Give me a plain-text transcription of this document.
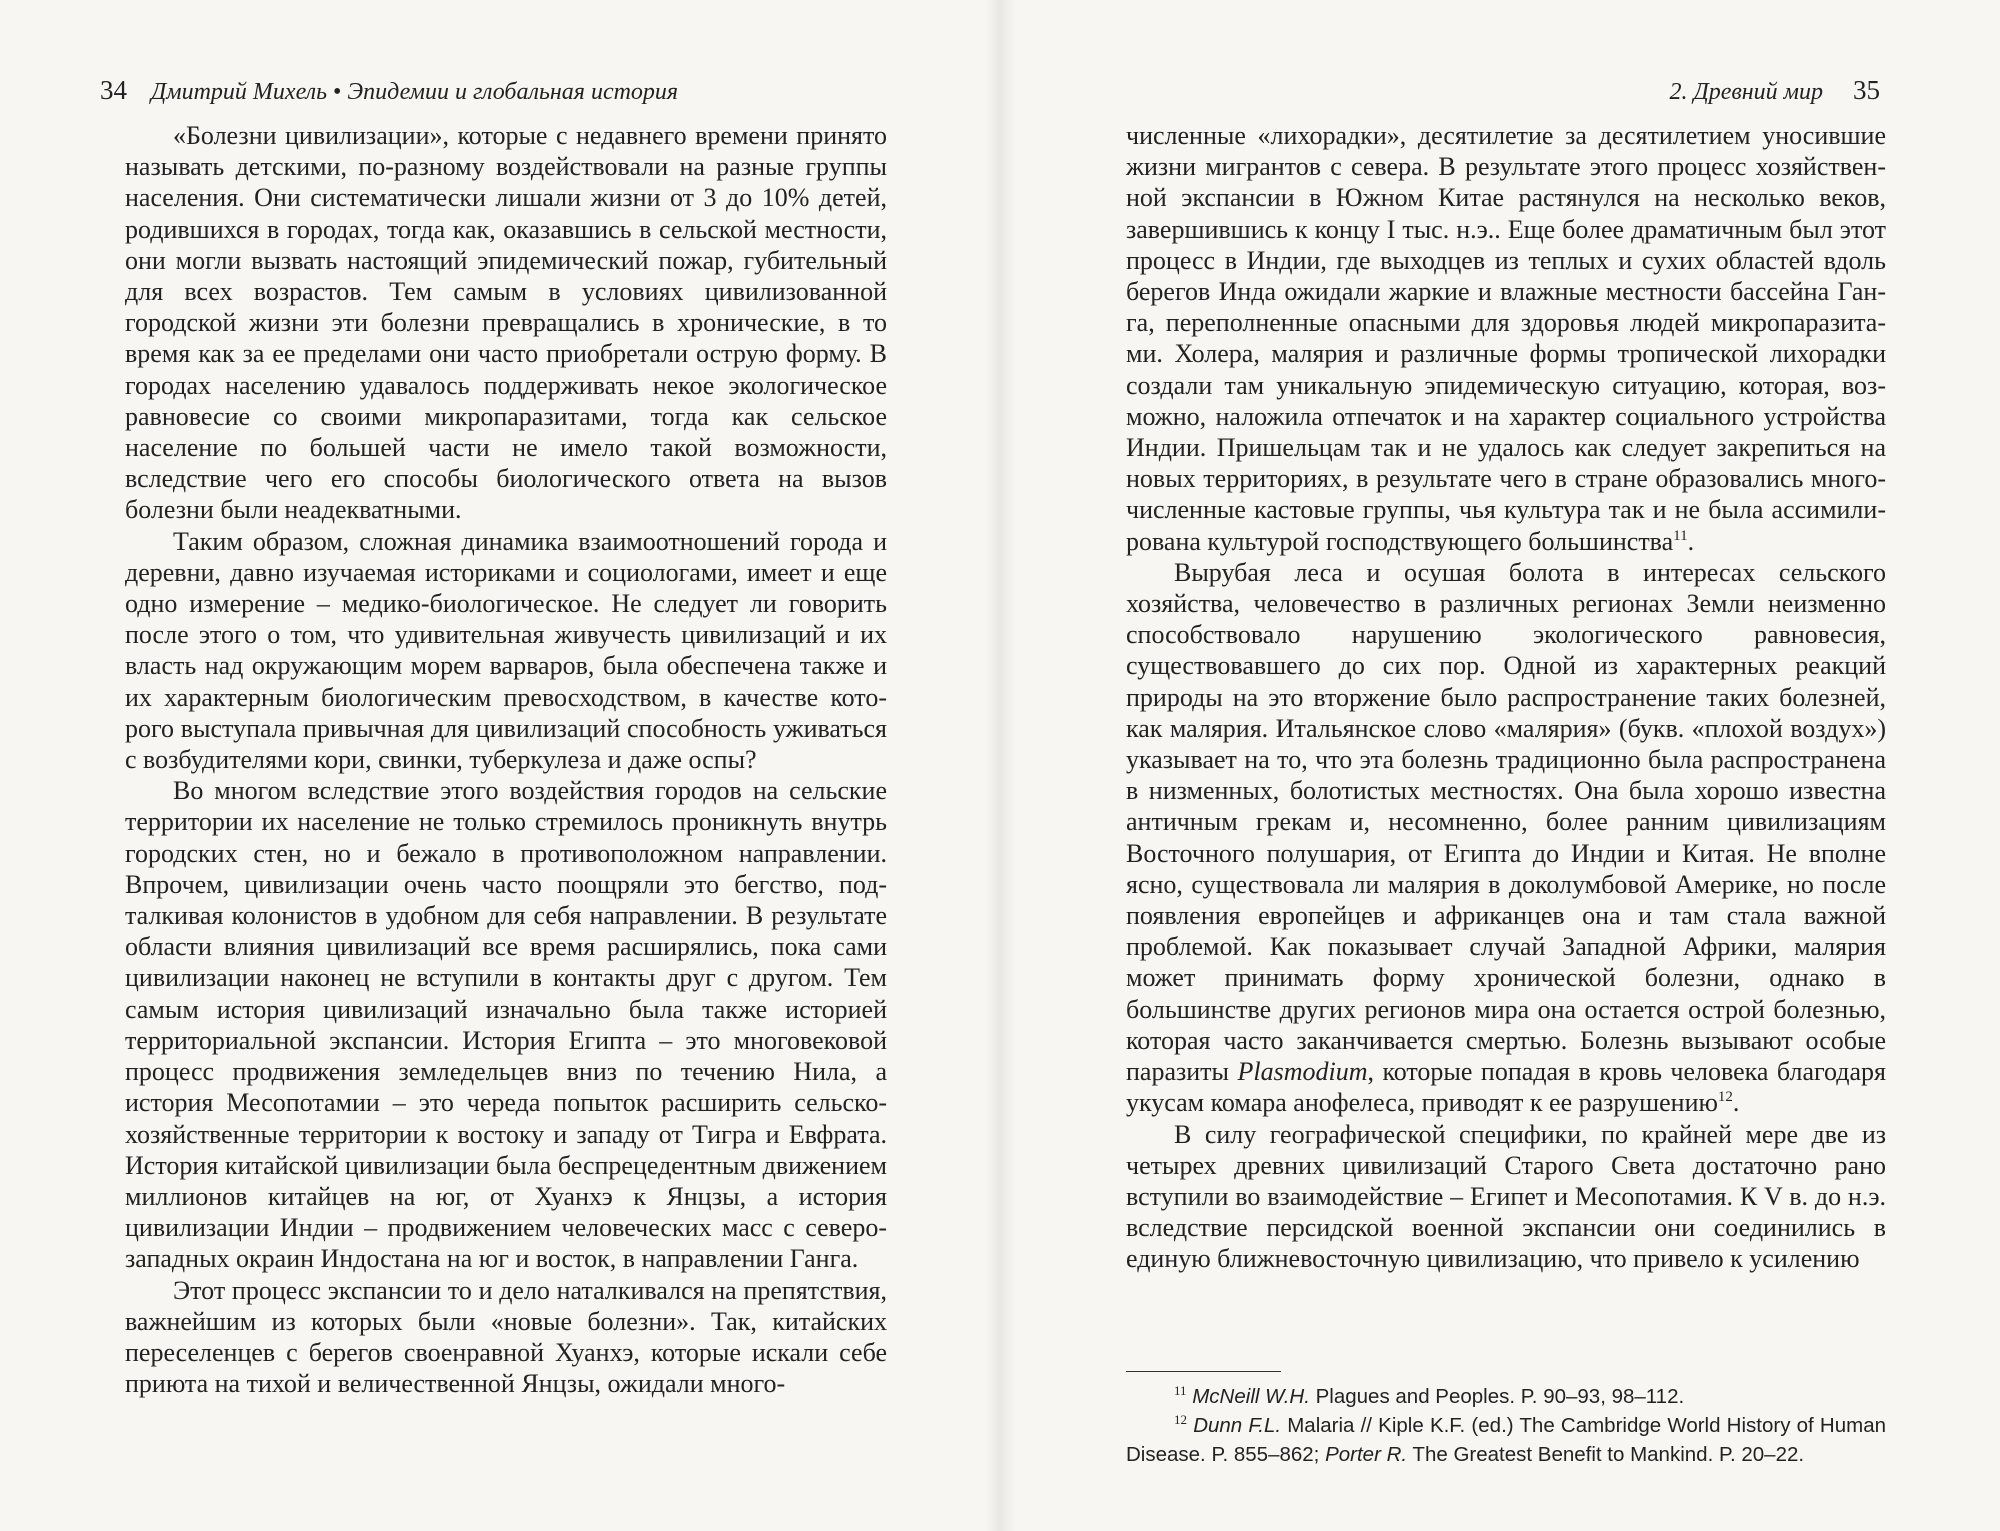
34 Дмитрий Михель • Эпидемии и глобальная история

«Болезни цивилизации», которые с недавнего времени принято называть детскими, по-разному воздействовали на разные группы населения. Они систематически лишали жизни от 3 до 10% детей, родившихся в городах, тогда как, оказавшись в сельской местности, они могли вызвать настоящий эпидемический пожар, губительный для всех возрастов. Тем самым в условиях цивилизованной городской жизни эти болезни превращались в хронические, в то время как за ее пределами они часто приобретали острую форму. В городах населению удавалось поддерживать некое экологическое равновесие со своими микропаразитами, тогда как сельское население по большей части не имело такой возможности, вследствие чего его способы биологического ответа на вызов болезни были неадекватными.

Таким образом, сложная динамика взаимоотношений города и деревни, давно изучаемая историками и социологами, имеет и еще одно измерение – медико-биологическое. Не следует ли говорить после этого о том, что удивительная живучесть цивилизаций и их власть над окружающим морем варваров, была обеспечена также и их характерным биологическим превосходством, в качестве которого выступала привычная для цивилизаций способность уживаться с возбудителями кори, свинки, туберкулеза и даже оспы?

Во многом вследствие этого воздействия городов на сельские территории их население не только стремилось проникнуть внутрь городских стен, но и бежало в противоположном направлении. Впрочем, цивилизации очень часто поощряли это бегство, подталкивая колонистов в удобном для себя направлении. В результате области влияния цивилизаций все время расширялись, пока сами цивилизации наконец не вступили в контакты друг с другом. Тем самым история цивилизаций изначально была также историей территориальной экспансии. История Египта – это многовековой процесс продвижения земледельцев вниз по течению Нила, а история Месопотамии – это череда попыток расширить сельскохозяйственные территории к востоку и западу от Тигра и Евфрата. История китайской цивилизации была беспрецедентным движением миллионов китайцев на юг, от Хуанхэ к Янцзы, а история цивилизации Индии – продвижением человеческих масс с северозападных окраин Индостана на юг и восток, в направлении Ганга.

Этот процесс экспансии то и дело наталкивался на препятствия, важнейшим из которых были «новые болезни». Так, китайских переселенцев с берегов своенравной Хуанхэ, которые искали себе приюта на тихой и величественной Янцзы, ожидали много-

2. Древний мир 35

численные «лихорадки», десятилетие за десятилетием уносившие жизни мигрантов с севера. В результате этого процесс хозяйственной экспансии в Южном Китае растянулся на несколько веков, завершившись к концу I тыс. н.э.. Еще более драматичным был этот процесс в Индии, где выходцев из теплых и сухих областей вдоль берегов Инда ожидали жаркие и влажные местности бассейна Ганга, переполненные опасными для здоровья людей микропаразитами. Холера, малярия и различные формы тропической лихорадки создали там уникальную эпидемическую ситуацию, которая, возможно, наложила отпечаток и на характер социального устройства Индии. Пришельцам так и не удалось как следует закрепиться на новых территориях, в результате чего в стране образовались многочисленные кастовые группы, чья культура так и не была ассимилирована культурой господствующего большинства$^{11}$.

Вырубая леса и осушая болота в интересах сельского хозяйства, человечество в различных регионах Земли неизменно способствовало нарушению экологического равновесия, существовавшего до сих пор. Одной из характерных реакций природы на это вторжение было распространение таких болезней, как малярия. Итальянское слово «малярия» (букв. «плохой воздух») указывает на то, что эта болезнь традиционно была распространена в низменных, болотистых местностях. Она была хорошо известна античным грекам и, несомненно, более ранним цивилизациям Восточного полушария, от Египта до Индии и Китая. Не вполне ясно, существовала ли малярия в доколумбовой Америке, но после появления европейцев и африканцев она и там стала важной проблемой. Как показывает случай Западной Африки, малярия может принимать форму хронической болезни, однако в большинстве других регионов мира она остается острой болезнью, которая часто заканчивается смертью. Болезнь вызывают особые паразиты Plasmodium, которые попадая в кровь человека благодаря укусам комара анофелеса, приводят к ее разрушению$^{12}$.

В силу географической специфики, по крайней мере две из четырех древних цивилизаций Старого Света достаточно рано вступили во взаимодействие – Египет и Месопотамия. К V в. до н.э. вследствие персидской военной экспансии они соединились в единую ближневосточную цивилизацию, что привело к усилению

$^{11}$ McNeill W.H. Plagues and Peoples. P. 90–93, 98–112.

$^{12}$ Dunn F.L. Malaria // Kiple K.F. (ed.) The Cambridge World History of Human Disease. P. 855–862; Porter R. The Greatest Benefit to Mankind. P. 20–22.
